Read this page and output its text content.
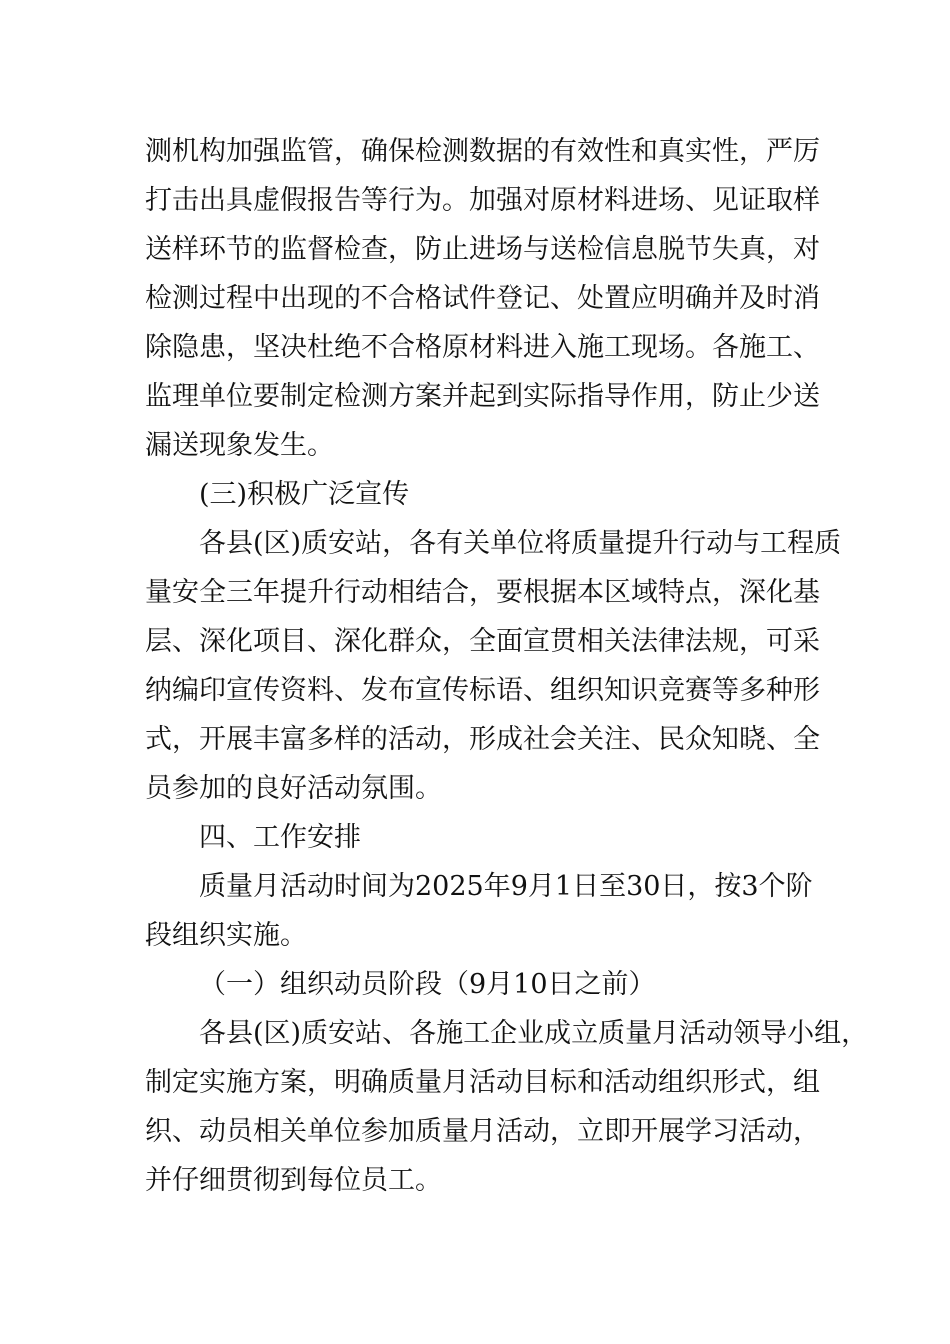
测机构加强监管，确保检测数据的有效性和真实性，严厉
打击出具虚假报告等行为。加强对原材料进场、见证取样
送样环节的监督检查，防止进场与送检信息脱节失真，对
检测过程中出现的不合格试件登记、处置应明确并及时消
除隐患，坚决杜绝不合格原材料进入施工现场。各施工、
监理单位要制定检测方案并起到实际指导作用，防止少送
漏送现象发生。
(三)积极广泛宣传
各县(区)质安站，各有关单位将质量提升行动与工程质
量安全三年提升行动相结合，要根据本区域特点，深化基
层、深化项目、深化群众，全面宣贯相关法律法规，可采
纳编印宣传资料、发布宣传标语、组织知识竞赛等多种形
式，开展丰富多样的活动，形成社会关注、民众知晓、全
员参加的良好活动氛围。
四、工作安排
质量月活动时间为2025年9月1日至30日，按3个阶
段组织实施。
（一）组织动员阶段（9月10日之前）
各县(区)质安站、各施工企业成立质量月活动领导小组，
制定实施方案，明确质量月活动目标和活动组织形式，组
织、动员相关单位参加质量月活动，立即开展学习活动，
并仔细贯彻到每位员工。
